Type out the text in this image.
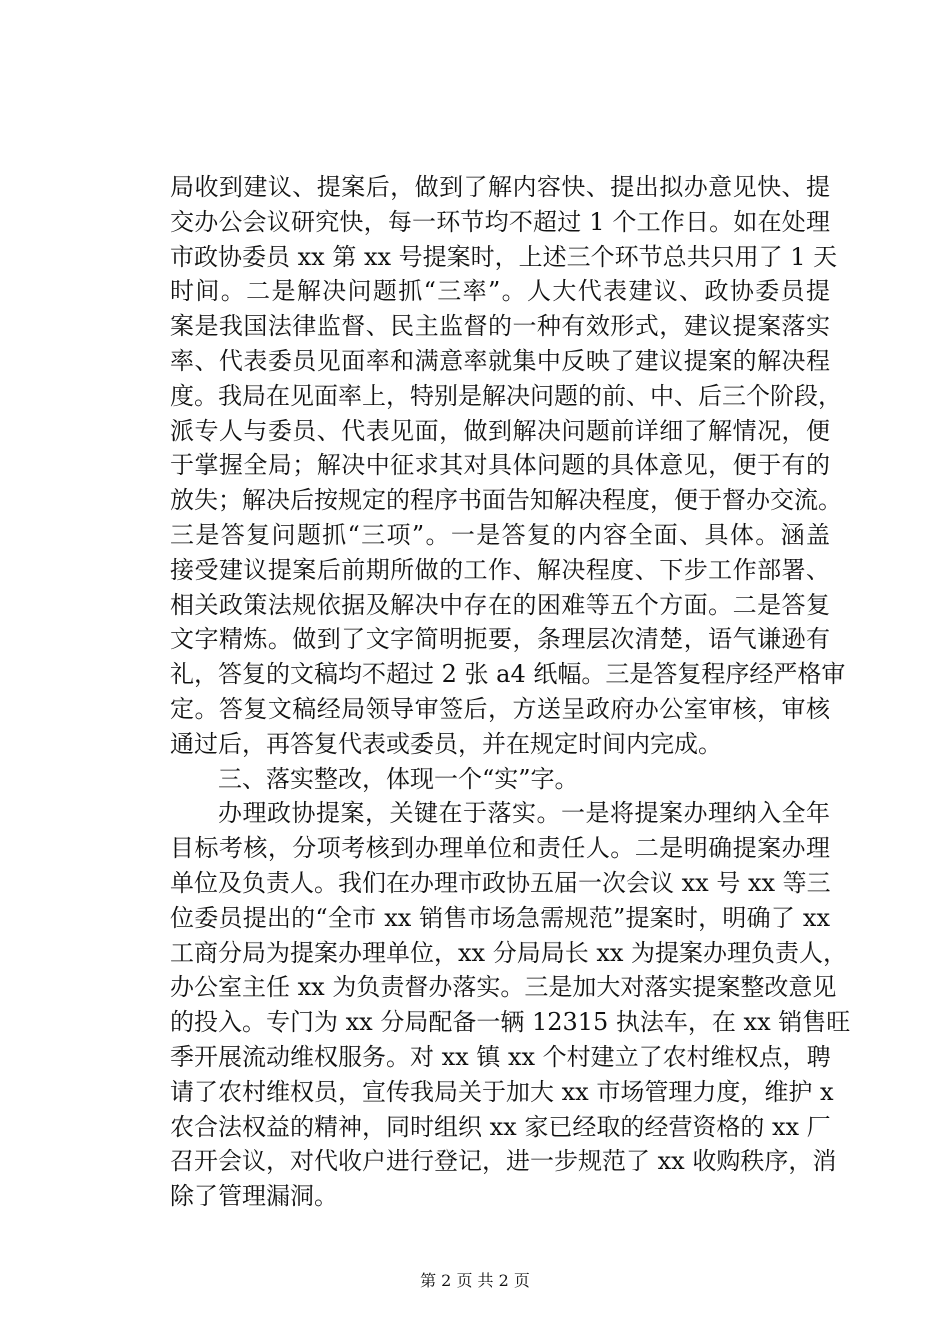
局收到建议、提案后，做到了解内容快、提出拟办意见快、提
交办公会议研究快，每一环节均不超过 1 个工作日。如在处理
市政协委员 xx 第 xx 号提案时，上述三个环节总共只用了 1 天
时间。二是解决问题抓“三率”。人大代表建议、政协委员提
案是我国法律监督、民主监督的一种有效形式，建议提案落实
率、代表委员见面率和满意率就集中反映了建议提案的解决程
度。我局在见面率上，特别是解决问题的前、中、后三个阶段，
派专人与委员、代表见面，做到解决问题前详细了解情况，便
于掌握全局；解决中征求其对具体问题的具体意见，便于有的
放失；解决后按规定的程序书面告知解决程度，便于督办交流。
三是答复问题抓“三项”。一是答复的内容全面、具体。涵盖
接受建议提案后前期所做的工作、解决程度、下步工作部署、
相关政策法规依据及解决中存在的困难等五个方面。二是答复
文字精炼。做到了文字简明扼要，条理层次清楚，语气谦逊有
礼，答复的文稿均不超过 2 张 a4 纸幅。三是答复程序经严格审
定。答复文稿经局领导审签后，方送呈政府办公室审核，审核
通过后，再答复代表或委员，并在规定时间内完成。
三、落实整改，体现一个“实”字。
办理政协提案，关键在于落实。一是将提案办理纳入全年
目标考核，分项考核到办理单位和责任人。二是明确提案办理
单位及负责人。我们在办理市政协五届一次会议 xx 号 xx 等三
位委员提出的“全市 xx 销售市场急需规范”提案时，明确了 xx
工商分局为提案办理单位，xx 分局局长 xx 为提案办理负责人，
办公室主任 xx 为负责督办落实。三是加大对落实提案整改意见
的投入。专门为 xx 分局配备一辆 12315 执法车，在 xx 销售旺
季开展流动维权服务。对 xx 镇 xx 个村建立了农村维权点，聘
请了农村维权员，宣传我局关于加大 xx 市场管理力度，维护 x
农合法权益的精神，同时组织 xx 家已经取的经营资格的 xx 厂
召开会议，对代收户进行登记，进一步规范了 xx 收购秩序，消
除了管理漏洞。
第 2 页 共 2 页
